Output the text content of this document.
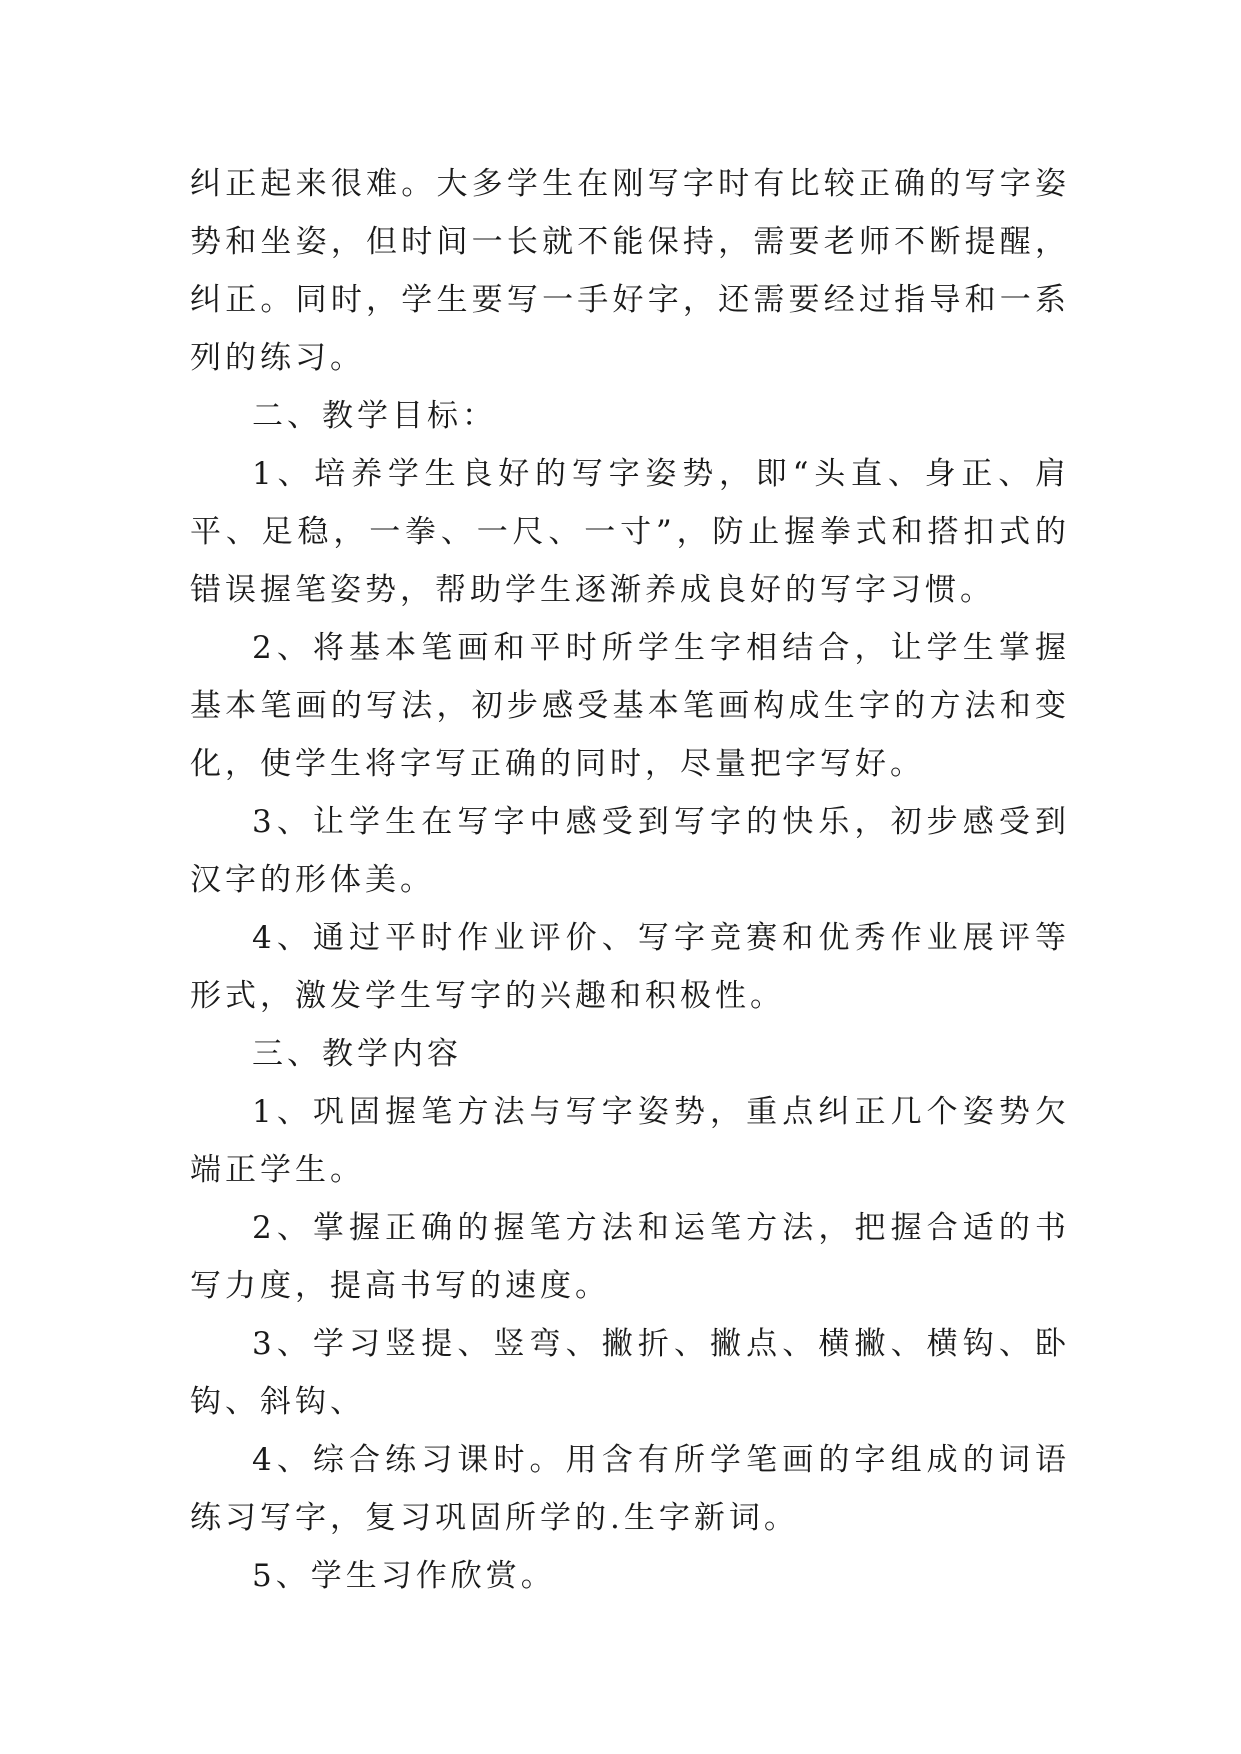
纠正起来很难。大多学生在刚写字时有比较正确的写字姿势和坐姿，但时间一长就不能保持，需要老师不断提醒，纠正。同时，学生要写一手好字，还需要经过指导和一系列的练习。

二、教学目标：

1、培养学生良好的写字姿势，即“头直、身正、肩平、足稳，一拳、一尺、一寸”，防止握拳式和搭扣式的错误握笔姿势，帮助学生逐渐养成良好的写字习惯。

2、将基本笔画和平时所学生字相结合，让学生掌握基本笔画的写法，初步感受基本笔画构成生字的方法和变化，使学生将字写正确的同时，尽量把字写好。

3、让学生在写字中感受到写字的快乐，初步感受到汉字的形体美。

4、通过平时作业评价、写字竞赛和优秀作业展评等形式，激发学生写字的兴趣和积极性。

三、教学内容

1、巩固握笔方法与写字姿势，重点纠正几个姿势欠端正学生。

2、掌握正确的握笔方法和运笔方法，把握合适的书写力度，提高书写的速度。

3、学习竖提、竖弯、撇折、撇点、横撇、横钩、卧钩、斜钩、

4、综合练习课时。用含有所学笔画的字组成的词语练习写字，复习巩固所学的.生字新词。

5、学生习作欣赏。
